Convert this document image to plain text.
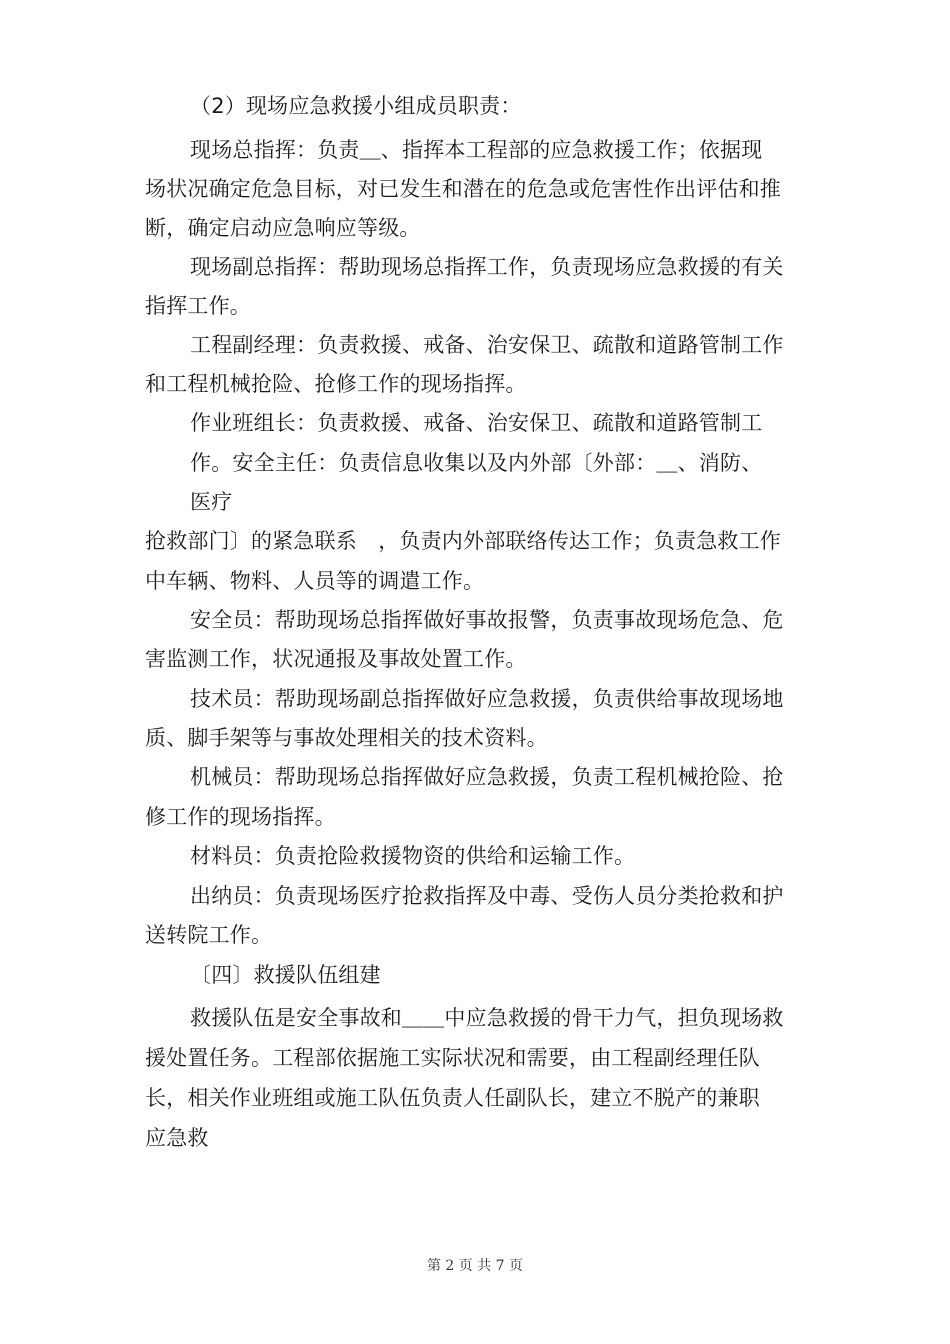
（2）现场应急救援小组成员职责：
现场总指挥：负责＿、指挥本工程部的应急救援工作；依据现
场状况确定危急目标，对已发生和潜在的危急或危害性作出评估和推
断，确定启动应急响应等级。
现场副总指挥：帮助现场总指挥工作，负责现场应急救援的有关
指挥工作。
工程副经理：负责救援、戒备、治安保卫、疏散和道路管制工作
和工程机械抢险、抢修工作的现场指挥。
作业班组长：负责救援、戒备、治安保卫、疏散和道路管制工
作。安全主任：负责信息收集以及内外部〔外部：＿、消防、
医疗
抢救部门〕的紧急联系　，负责内外部联络传达工作；负责急救工作
中车辆、物料、人员等的调遣工作。
安全员：帮助现场总指挥做好事故报警，负责事故现场危急、危
害监测工作，状况通报及事故处置工作。
技术员：帮助现场副总指挥做好应急救援，负责供给事故现场地
质、脚手架等与事故处理相关的技术资料。
机械员：帮助现场总指挥做好应急救援，负责工程机械抢险、抢
修工作的现场指挥。
材料员：负责抢险救援物资的供给和运输工作。
出纳员：负责现场医疗抢救指挥及中毒、受伤人员分类抢救和护
送转院工作。
〔四〕救援队伍组建
救援队伍是安全事故和＿＿中应急救援的骨干力气，担负现场救
援处置任务。工程部依据施工实际状况和需要，由工程副经理任队
长，相关作业班组或施工队伍负责人任副队长，建立不脱产的兼职
应急救
第 2 页 共 7 页
